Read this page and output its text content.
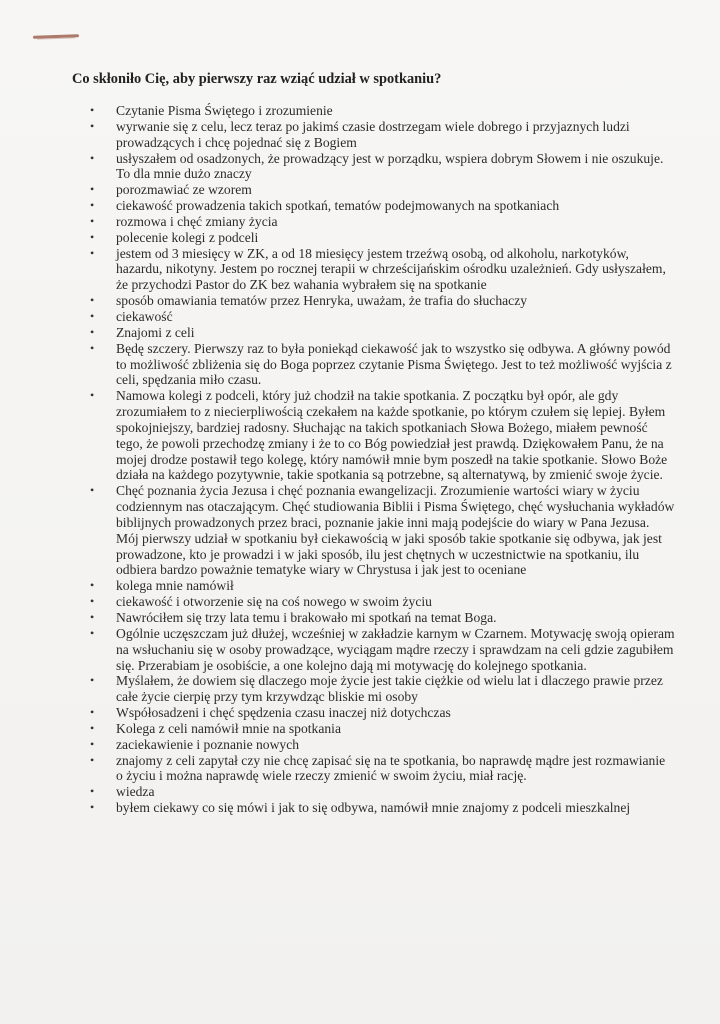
Co skłoniło Cię, aby pierwszy raz wziąć udział w spotkaniu?
• Czytanie Pisma Świętego i zrozumienie
• wyrwanie się z celu, lecz teraz po jakimś czasie dostrzegam wiele dobrego i przyjaznych ludzi prowadzących i chcę pojednać się z Bogiem
• usłyszałem od osadzonych, że prowadzący jest w porządku, wspiera dobrym Słowem i nie oszukuje. To dla mnie dużo znaczy
• porozmawiać ze wzorem
• ciekawość prowadzenia takich spotkań, tematów podejmowanych na spotkaniach
• rozmowa i chęć zmiany życia
• polecenie kolegi z podceli
• jestem od 3 miesięcy w ZK, a od 18 miesięcy jestem trzeźwą osobą, od alkoholu, narkotyków, hazardu, nikotyny. Jestem po rocznej terapii w chrześcijańskim ośrodku uzależnień. Gdy usłyszałem, że przychodzi Pastor do ZK bez wahania wybrałem się na spotkanie
• sposób omawiania tematów przez Henryka, uważam, że trafia do słuchaczy
• ciekawość
• Znajomi z celi
• Będę szczery. Pierwszy raz to była poniekąd ciekawość jak to wszystko się odbywa. A główny powód to możliwość zbliżenia się do Boga poprzez czytanie Pisma Świętego. Jest to też możliwość wyjścia z celi, spędzania miło czasu.
• Namowa kolegi z podceli, który już chodził na takie spotkania. Z początku był opór, ale gdy zrozumiałem to z niecierpliwością czekałem na każde spotkanie, po którym czułem się lepiej. Byłem spokojniejszy, bardziej radosny. Słuchając na takich spotkaniach Słowa Bożego, miałem pewność tego, że powoli przechodzę zmiany i że to co Bóg powiedział jest prawdą. Dziękowałem Panu, że na mojej drodze postawił tego kolegę, który namówił mnie bym poszedł na takie spotkanie. Słowo Boże działa na każdego pozytywnie, takie spotkania są potrzebne, są alternatywą, by zmienić swoje życie.
• Chęć poznania życia Jezusa i chęć poznania ewangelizacji. Zrozumienie wartości wiary w życiu codziennym nas otaczającym. Chęć studiowania Biblii i Pisma Świętego, chęć wysłuchania wykładów biblijnych prowadzonych przez braci, poznanie jakie inni mają podejście do wiary w Pana Jezusa. Mój pierwszy udział w spotkaniu był ciekawością w jaki sposób takie spotkanie się odbywa, jak jest prowadzone, kto je prowadzi i w jaki sposób, ilu jest chętnych w uczestnictwie na spotkaniu, ilu odbiera bardzo poważnie tematyke wiary w Chrystusa i jak jest to oceniane
• kolega mnie namówił
• ciekawość i otworzenie się na coś nowego w swoim życiu
• Nawróciłem się trzy lata temu i brakowało mi spotkań na temat Boga.
• Ogólnie uczęszczam już dłużej, wcześniej w zakładzie karnym w Czarnem. Motywację swoją opieram na wsłuchaniu się w osoby prowadzące, wyciągam mądre rzeczy i sprawdzam na celi gdzie zagubiłem się. Przerabiam je osobiście, a one kolejno dają mi motywację do kolejnego spotkania.
• Myślałem, że dowiem się dlaczego moje życie jest takie ciężkie od wielu lat i dlaczego prawie przez całe życie cierpię przy tym krzywdząc bliskie mi osoby
• Współosadzeni i chęć spędzenia czasu inaczej niż dotychczas
• Kolega z celi namówił mnie na spotkania
• zaciekawienie i poznanie nowych
• znajomy z celi zapytał czy nie chcę zapisać się na te spotkania, bo naprawdę mądre jest rozmawianie o życiu i można naprawdę wiele rzeczy zmienić w swoim życiu, miał rację.
• wiedza
• byłem ciekawy co się mówi i jak to się odbywa, namówił mnie znajomy z podceli mieszkalnej
